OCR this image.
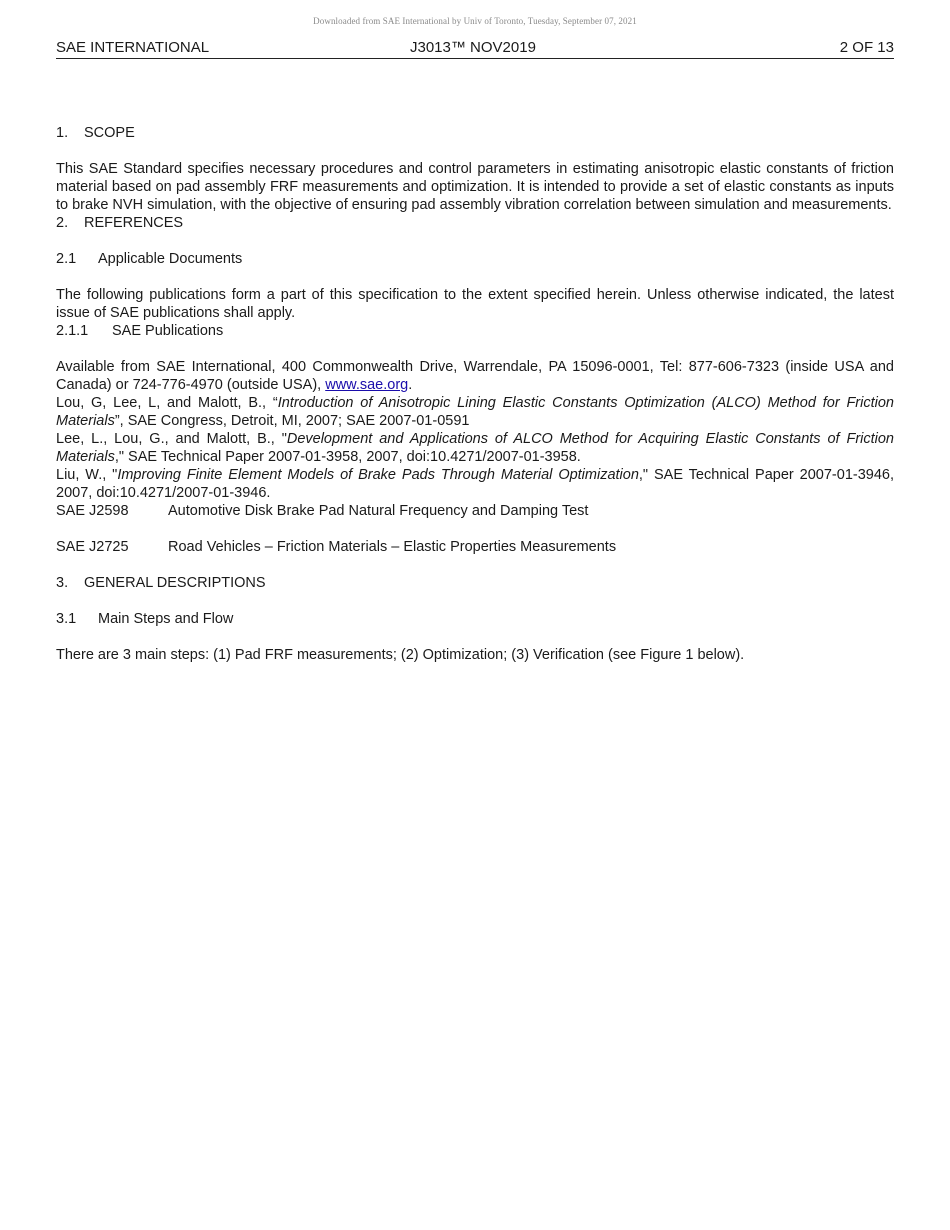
Downloaded from SAE International by Univ of Toronto, Tuesday, September 07, 2021
SAE INTERNATIONAL	J3013™ NOV2019	2 OF 13
1.	SCOPE

This SAE Standard specifies necessary procedures and control parameters in estimating anisotropic elastic constants of friction material based on pad assembly FRF measurements and optimization. It is intended to provide a set of elastic constants as inputs to brake NVH simulation, with the objective of ensuring pad assembly vibration correlation between simulation and measurements.

2.	REFERENCES
2.1	Applicable Documents

The following publications form a part of this specification to the extent specified herein. Unless otherwise indicated, the latest issue of SAE publications shall apply.

2.1.1	SAE Publications

Available from SAE International, 400 Commonwealth Drive, Warrendale, PA 15096-0001, Tel: 877-606-7323 (inside USA and Canada) or 724-776-4970 (outside USA), www.sae.org.

Lou, G, Lee, L, and Malott, B., “Introduction of Anisotropic Lining Elastic Constants Optimization (ALCO) Method for Friction Materials”, SAE Congress, Detroit, MI, 2007; SAE 2007-01-0591

Lee, L., Lou, G., and Malott, B., "Development and Applications of ALCO Method for Acquiring Elastic Constants of Friction Materials," SAE Technical Paper 2007-01-3958, 2007, doi:10.4271/2007-01-3958.

Liu, W., "Improving Finite Element Models of Brake Pads Through Material Optimization," SAE Technical Paper 2007-01-3946, 2007, doi:10.4271/2007-01-3946.

SAE J2598	Automotive Disk Brake Pad Natural Frequency and Damping Test
SAE J2725	Road Vehicles – Friction Materials – Elastic Properties Measurements
3.	GENERAL DESCRIPTIONS
3.1	Main Steps and Flow

There are 3 main steps: (1) Pad FRF measurements; (2) Optimization; (3) Verification (see Figure 1 below).
